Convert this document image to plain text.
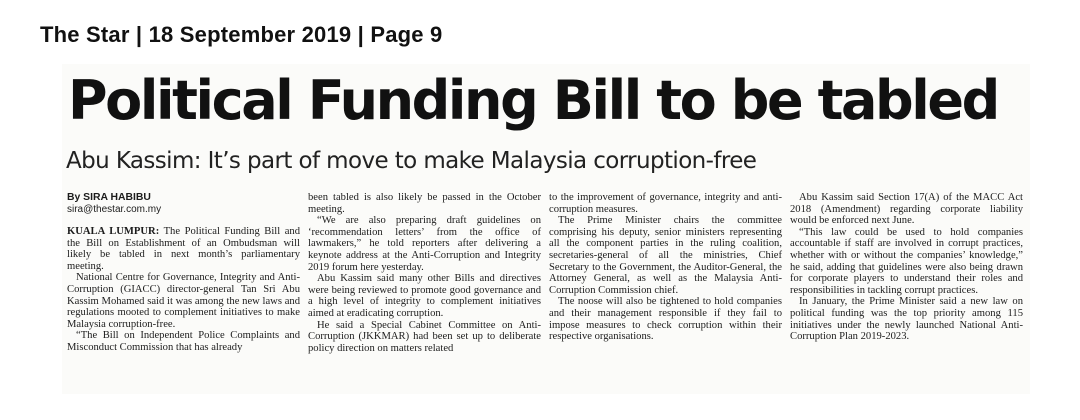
The Star | 18 September 2019 | Page 9
Political Funding Bill to be tabled
Abu Kassim: It’s part of move to make Malaysia corruption-free
By SIRA HABIBU
sira@thestar.com.my

KUALA LUMPUR: The Political Funding Bill and the Bill on Establishment of an Ombudsman will likely be tabled in next month’s parliamentary meeting.

National Centre for Governance, Integrity and Anti-Corruption (GIACC) director-general Tan Sri Abu Kassim Mohamed said it was among the new laws and regulations mooted to complement initiatives to make Malaysia corruption-free.

“The Bill on Independent Police Complaints and Misconduct Commission that has already

been tabled is also likely be passed in the October meeting.

“We are also preparing draft guidelines on ‘recommendation letters’ from the office of lawmakers,” he told reporters after delivering a keynote address at the Anti-Corruption and Integrity 2019 forum here yesterday.

Abu Kassim said many other Bills and directives were being reviewed to promote good governance and a high level of integrity to complement initiatives aimed at eradicating corruption.

He said a Special Cabinet Committee on Anti-Corruption (JKKMAR) had been set up to deliberate policy direction on matters related

to the improvement of governance, integrity and anti-corruption measures.

The Prime Minister chairs the committee comprising his deputy, senior ministers representing all the component parties in the ruling coalition, secretaries-general of all the ministries, Chief Secretary to the Government, the Auditor-General, the Attorney General, as well as the Malaysia Anti-Corruption Commission chief.

The noose will also be tightened to hold companies and their management responsible if they fail to impose measures to check corruption within their respective organisations.

Abu Kassim said Section 17(A) of the MACC Act 2018 (Amendment) regarding corporate liability would be enforced next June.

“This law could be used to hold companies accountable if staff are involved in corrupt practices, whether with or without the companies’ knowledge,” he said, adding that guidelines were also being drawn for corporate players to understand their roles and responsibilities in tackling corrupt practices.

In January, the Prime Minister said a new law on political funding was the top priority among 115 initiatives under the newly launched National Anti-Corruption Plan 2019-2023.
